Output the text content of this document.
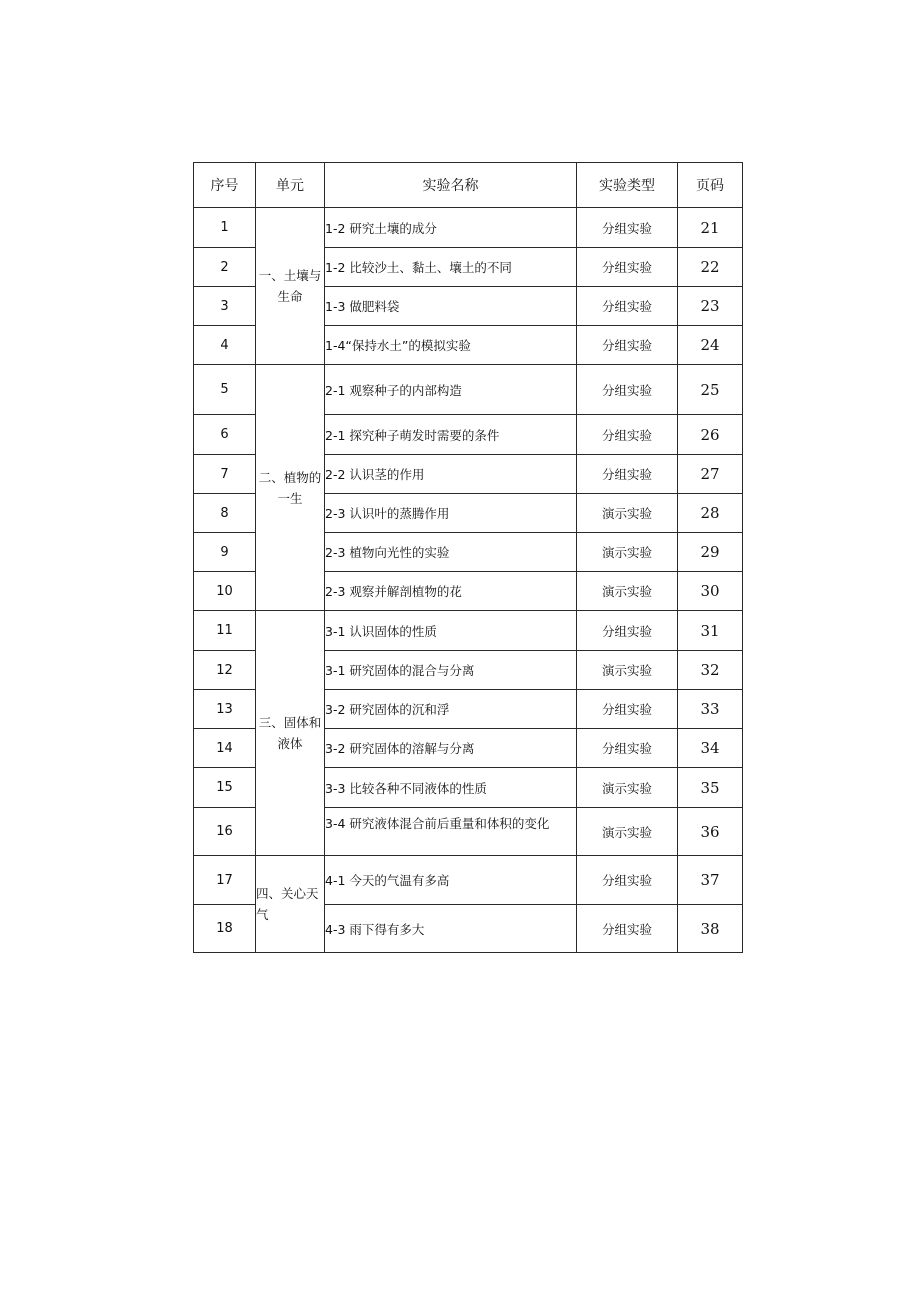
序号	单元	实验名称	实验类型	页码
1	一、土壤与生命	1-2 研究土壤的成分	分组实验	21
2		1-2 比较沙土、黏土、壤土的不同	分组实验	22
3		1-3 做肥料袋	分组实验	23
4		1-4“保持水土”的模拟实验	分组实验	24
5	二、植物的一生	2-1 观察种子的内部构造	分组实验	25
6		2-1 探究种子萌发时需要的条件	分组实验	26
7		2-2 认识茎的作用	分组实验	27
8		2-3 认识叶的蒸腾作用	演示实验	28
9		2-3 植物向光性的实验	演示实验	29
10		2-3 观察并解剖植物的花	演示实验	30
11	三、固体和液体	3-1 认识固体的性质	分组实验	31
12		3-1 研究固体的混合与分离	演示实验	32
13		3-2 研究固体的沉和浮	分组实验	33
14		3-2 研究固体的溶解与分离	分组实验	34
15		3-3 比较各种不同液体的性质	演示实验	35
16		3-4 研究液体混合前后重量和体积的变化	演示实验	36
17	四、关心天气	4-1 今天的气温有多高	分组实验	37
18		4-3 雨下得有多大	分组实验	38
